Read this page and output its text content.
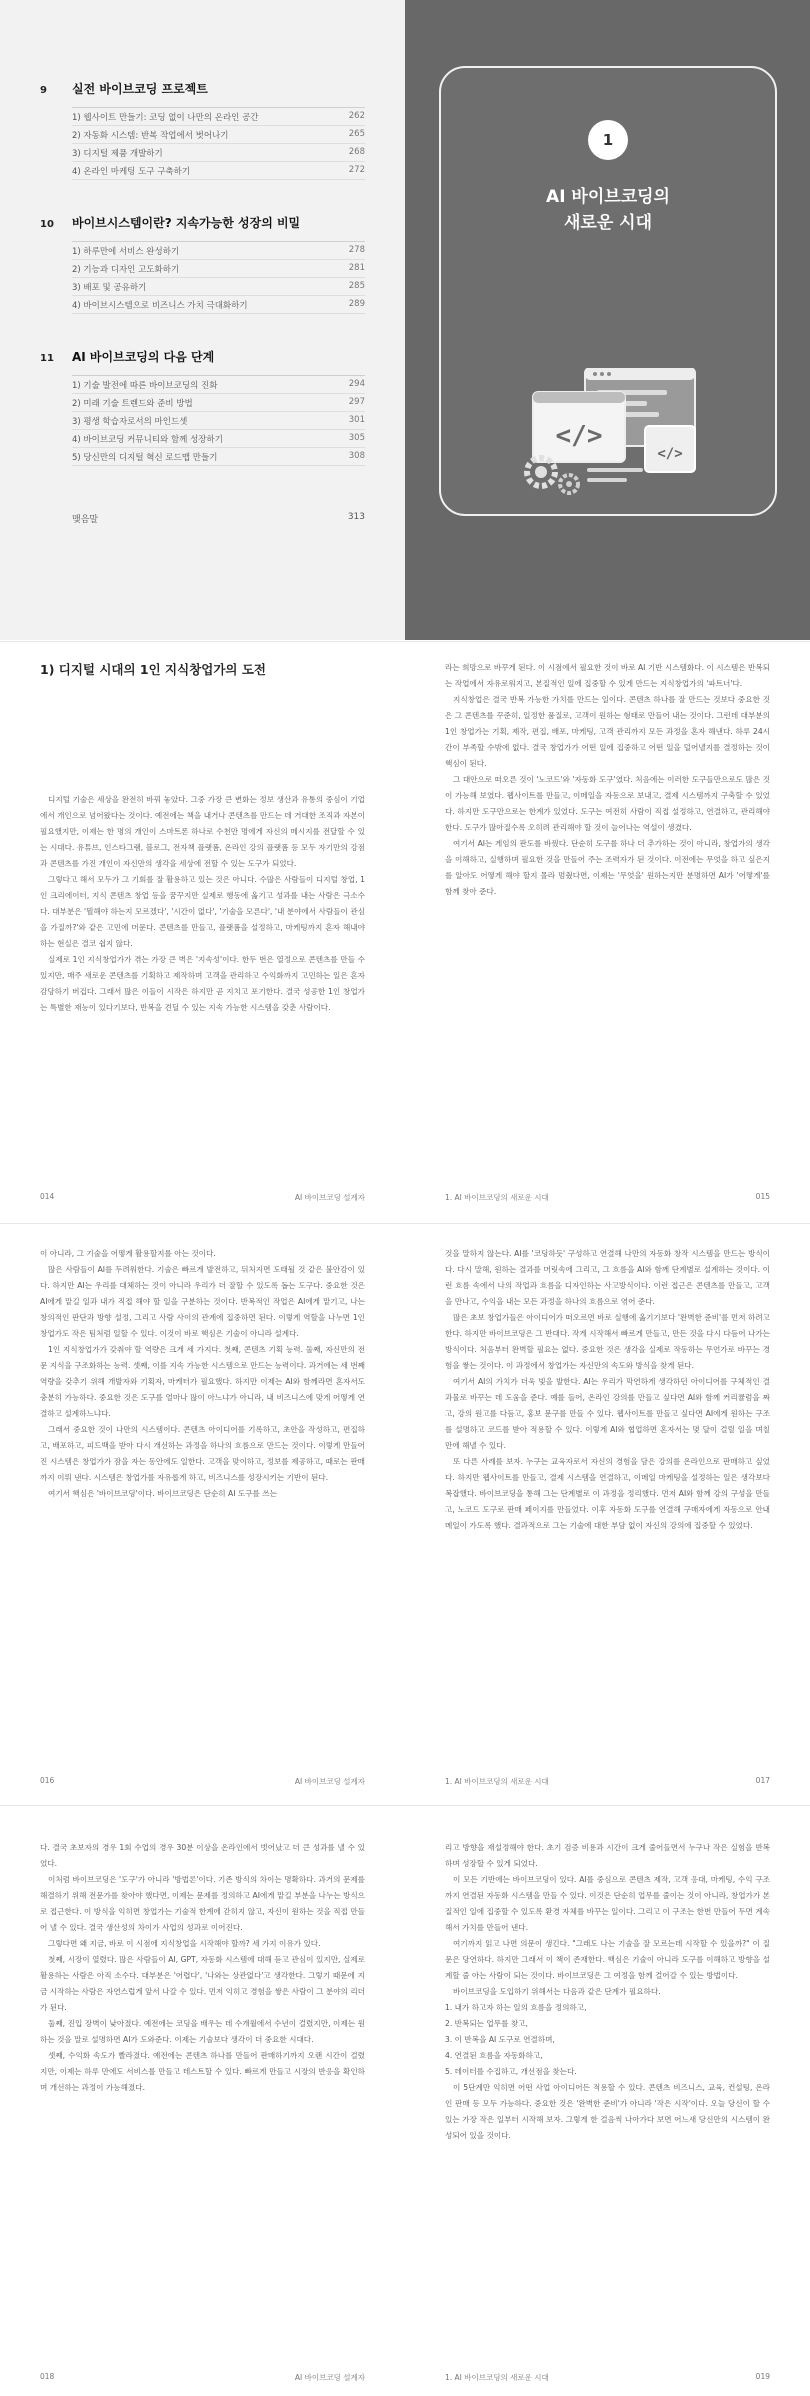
9	실전 바이브코딩 프로젝트
1) 웹사이트 만들기: 코딩 없이 나만의 온라인 공간	262
2) 자동화 시스템: 반복 작업에서 벗어나기	265
3) 디지털 제품 개발하기	268
4) 온라인 마케팅 도구 구축하기	272
10 바이브시스템이란? 지속가능한 성장의 비밀
1) 하루만에 서비스 완성하기	278
2) 기능과 디자인 고도화하기	281
3) 배포 및 공유하기	285
4) 바이브시스템으로 비즈니스 가치 극대화하기	289
11 AI 바이브코딩의 다음 단계
1) 기술 발전에 따른 바이브코딩의 진화	294
2) 미래 기술 트렌드와 준비 방법	297
3) 평생 학습자로서의 마인드셋	301
4) 바이브코딩 커뮤니티와 함께 성장하기	305
5) 당신만의 디지털 혁신 로드맵 만들기	308
맺음말	313
1
AI 바이브코딩의
새로운 시대
</>
</>
1) 디지털 시대의 1인 지식창업가의 도전

디지털 기술은 세상을 완전히 바꿔 놓았다. 그중 가장 큰 변화는 정보 생산과 유통의 중심이 기업에서 개인으로 넘어왔다는 것이다. 예전에는 책을 내거나 콘텐츠를 만드는 데 거대한 조직과 자본이 필요했지만, 이제는 한 명의 개인이 스마트폰 하나로 수천만 명에게 자신의 메시지를 전달할 수 있는 시대다. 유튜브, 인스타그램, 블로그, 전자책 플랫폼, 온라인 강의 플랫폼 등 모두 자기만의 강점과 콘텐츠를 가진 개인이 자신만의 생각을 세상에 전할 수 있는 도구가 되었다.

그렇다고 해서 모두가 그 기회를 잘 활용하고 있는 것은 아니다. 수많은 사람들이 디지털 창업, 1인 크리에이터, 지식 콘텐츠 창업 등을 꿈꾸지만 실제로 행동에 옮기고 성과를 내는 사람은 극소수다. 대부분은 '뭘해야 하는지 모르겠다', '시간이 없다', '기술을 모른다', '내 분야에서 사람들이 관심을 가질까?'와 같은 고민에 머문다. 콘텐츠를 만들고, 플랫폼을 설정하고, 마케팅까지 혼자 해내야 하는 현실은 결코 쉽지 않다.

실제로 1인 지식창업가가 겪는 가장 큰 벽은 '지속성'이다. 한두 번은 열정으로 콘텐츠를 만들 수 있지만, 매주 새로운 콘텐츠를 기획하고 제작하며 고객을 관리하고 수익화까지 고민하는 일은 혼자 감당하기 버겁다. 그래서 많은 이들이 시작은 하지만 곧 지치고 포기한다. 결국 성공한 1인 창업가는 특별한 재능이 있다기보다, 반복을 견딜 수 있는 지속 가능한 시스템을 갖춘 사람이다.

014	AI 바이브코딩 설계자

라는 희망으로 바꾸게 된다. 이 시점에서 필요한 것이 바로 AI 기반 시스템화다. 이 시스템은 반복되는 작업에서 자유로워지고, 본질적인 일에 집중할 수 있게 만드는 지식창업가의 '파트너'다.

지식창업은 결국 반복 가능한 가치를 만드는 일이다. 콘텐츠 하나를 잘 만드는 것보다 중요한 것은 그 콘텐츠를 꾸준히, 일정한 품질로, 고객이 원하는 형태로 만들어 내는 것이다. 그런데 대부분의 1인 창업가는 기획, 제작, 편집, 배포, 마케팅, 고객 관리까지 모든 과정을 혼자 해낸다. 하루 24시간이 부족할 수밖에 없다. 결국 창업가가 어떤 일에 집중하고 어떤 일을 덜어낼지를 결정하는 것이 핵심이 된다.

그 대안으로 떠오른 것이 '노코드'와 '자동화 도구'였다. 처음에는 이러한 도구들만으로도 많은 것이 가능해 보였다. 웹사이트를 만들고, 이메일을 자동으로 보내고, 결제 시스템까지 구축할 수 있었다. 하지만 도구만으로는 한계가 있었다. 도구는 여전히 사람이 직접 설정하고, 연결하고, 관리해야 한다. 도구가 많아질수록 오히려 관리해야 할 것이 늘어나는 역설이 생겼다.

여기서 AI는 게임의 판도를 바꿨다. 단순히 도구를 하나 더 추가하는 것이 아니라, 창업가의 생각을 이해하고, 실행하며 필요한 것을 만들어 주는 조력자가 된 것이다. 이전에는 무엇을 하고 싶은지를 알아도 어떻게 해야 할지 몰라 멈췄다면, 이제는 '무엇을' 원하는지만 분명하면 AI가 '어떻게'를 함께 찾아 준다.

1. AI 바이브코딩의 새로운 시대	015

이 아니라, 그 기술을 어떻게 활용할지를 아는 것이다.

많은 사람들이 AI를 두려워한다. 기술은 빠르게 발전하고, 뒤처지면 도태될 것 같은 불안감이 있다. 하지만 AI는 우리를 대체하는 것이 아니라 우리가 더 잘할 수 있도록 돕는 도구다. 중요한 것은 AI에게 맡길 일과 내가 직접 해야 할 일을 구분하는 것이다. 반복적인 작업은 AI에게 맡기고, 나는 창의적인 판단과 방향 설정, 그리고 사람 사이의 관계에 집중하면 된다. 이렇게 역할을 나누면 1인 창업가도 작은 팀처럼 일할 수 있다. 이것이 바로 핵심은 기술이 아니라 설계다.

1인 지식창업가가 갖춰야 할 역량은 크게 세 가지다. 첫째, 콘텐츠 기획 능력. 둘째, 자신만의 전문 지식을 구조화하는 능력. 셋째, 이를 지속 가능한 시스템으로 만드는 능력이다. 과거에는 세 번째 역량을 갖추기 위해 개발자와 기획자, 마케터가 필요했다. 하지만 이제는 AI와 함께라면 혼자서도 충분히 가능하다. 중요한 것은 도구를 얼마나 많이 아느냐가 아니라, 내 비즈니스에 맞게 어떻게 연결하고 설계하느냐다.

그래서 중요한 것이 나만의 시스템이다. 콘텐츠 아이디어를 기록하고, 초안을 작성하고, 편집하고, 배포하고, 피드백을 받아 다시 개선하는 과정을 하나의 흐름으로 만드는 것이다. 이렇게 만들어진 시스템은 창업가가 잠을 자는 동안에도 일한다. 고객을 맞이하고, 정보를 제공하고, 때로는 판매까지 이뤄 낸다. 시스템은 창업가를 자유롭게 하고, 비즈니스를 성장시키는 기반이 된다.

여기서 핵심은 '바이브코딩'이다. 바이브코딩은 단순히 AI 도구를 쓰는

016	AI 바이브코딩 설계자

것을 말하지 않는다. AI를 '코딩하듯' 구성하고 연결해 나만의 자동화 창작 시스템을 만드는 방식이다. 다시 말해, 원하는 결과를 머릿속에 그리고, 그 흐름을 AI와 함께 단계별로 설계하는 것이다. 이런 흐름 속에서 나의 작업과 흐름을 디자인하는 사고방식이다. 이런 접근은 콘텐츠를 만들고, 고객을 만나고, 수익을 내는 모든 과정을 하나의 흐름으로 엮어 준다.

많은 초보 창업가들은 아이디어가 떠오르면 바로 실행에 옮기기보다 '완벽한 준비'를 먼저 하려고 한다. 하지만 바이브코딩은 그 반대다. 작게 시작해서 빠르게 만들고, 만든 것을 다시 다듬어 나가는 방식이다. 처음부터 완벽할 필요는 없다. 중요한 것은 생각을 실제로 작동하는 무언가로 바꾸는 경험을 쌓는 것이다. 이 과정에서 창업가는 자신만의 속도와 방식을 찾게 된다.

여기서 AI의 가치가 더욱 빛을 발한다. AI는 우리가 막연하게 생각하던 아이디어를 구체적인 결과물로 바꾸는 데 도움을 준다. 예를 들어, 온라인 강의를 만들고 싶다면 AI와 함께 커리큘럼을 짜고, 강의 원고를 다듬고, 홍보 문구를 만들 수 있다. 웹사이트를 만들고 싶다면 AI에게 원하는 구조를 설명하고 코드를 받아 적용할 수 있다. 이렇게 AI와 협업하면 혼자서는 몇 달이 걸릴 일을 며칠 만에 해낼 수 있다.

또 다른 사례를 보자. 누구는 교육자로서 자신의 경험을 담은 강의를 온라인으로 판매하고 싶었다. 하지만 웹사이트를 만들고, 결제 시스템을 연결하고, 이메일 마케팅을 설정하는 일은 생각보다 복잡했다. 바이브코딩을 통해 그는 단계별로 이 과정을 정리했다. 먼저 AI와 함께 강의 구성을 만들고, 노코드 도구로 판매 페이지를 만들었다. 이후 자동화 도구를 연결해 구매자에게 자동으로 안내 메일이 가도록 했다. 결과적으로 그는 기술에 대한 부담 없이 자신의 강의에 집중할 수 있었다.

1. AI 바이브코딩의 새로운 시대	017

다. 결국 초보자의 경우 1회 수업의 경우 30분 이상을 온라인에서 벗어났고 더 큰 성과를 낼 수 있었다.

이처럼 바이브코딩은 '도구'가 아니라 '방법론'이다. 기존 방식의 차이는 명확하다. 과거의 문제를 해결하기 위해 전문가를 찾아야 했다면, 이제는 문제를 정의하고 AI에게 맡길 부분을 나누는 방식으로 접근한다. 이 방식을 익히면 창업가는 기술적 한계에 갇히지 않고, 자신이 원하는 것을 직접 만들어 낼 수 있다. 결국 생산성의 차이가 사업의 성과로 이어진다.

그렇다면 왜 지금, 바로 이 시점에 지식창업을 시작해야 할까? 세 가지 이유가 있다.

첫째, 시장이 열렸다. 많은 사람들이 AI, GPT, 자동화 시스템에 대해 듣고 관심이 있지만, 실제로 활용하는 사람은 아직 소수다. 대부분은 '어렵다', '나와는 상관없다'고 생각한다. 그렇기 때문에 지금 시작하는 사람은 자연스럽게 앞서 나갈 수 있다. 먼저 익히고 경험을 쌓은 사람이 그 분야의 리더가 된다.

둘째, 진입 장벽이 낮아졌다. 예전에는 코딩을 배우는 데 수개월에서 수년이 걸렸지만, 이제는 원하는 것을 말로 설명하면 AI가 도와준다. 이제는 기술보다 생각이 더 중요한 시대다.

셋째, 수익화 속도가 빨라졌다. 예전에는 콘텐츠 하나를 만들어 판매하기까지 오랜 시간이 걸렸지만, 이제는 하루 만에도 서비스를 만들고 테스트할 수 있다. 빠르게 만들고 시장의 반응을 확인하며 개선하는 과정이 가능해졌다.

018	AI 바이브코딩 설계자

리고 방향을 재설정해야 한다. 초기 검증 비용과 시간이 크게 줄어들면서 누구나 작은 실험을 반복하며 성장할 수 있게 되었다.

이 모든 기반에는 바이브코딩이 있다. AI를 중심으로 콘텐츠 제작, 고객 응대, 마케팅, 수익 구조까지 연결된 자동화 시스템을 만들 수 있다. 이것은 단순히 업무를 줄이는 것이 아니라, 창업가가 본질적인 일에 집중할 수 있도록 환경 자체를 바꾸는 일이다. 그리고 이 구조는 한번 만들어 두면 계속해서 가치를 만들어 낸다.

여기까지 읽고 나면 의문이 생긴다. "그래도 나는 기술을 잘 모르는데 시작할 수 있을까?" 이 질문은 당연하다. 하지만 그래서 이 책이 존재한다. 핵심은 기술이 아니라 도구를 이해하고 방향을 설계할 줄 아는 사람이 되는 것이다. 바이브코딩은 그 여정을 함께 걸어갈 수 있는 방법이다.

바이브코딩을 도입하기 위해서는 다음과 같은 단계가 필요하다.

1. 내가 하고자 하는 일의 흐름을 정의하고,

2. 반복되는 업무를 찾고,

3. 이 반복을 AI 도구로 연결하며,

4. 연결된 흐름을 자동화하고,

5. 데이터를 수집하고, 개선점을 찾는다.

이 5단계만 익히면 어떤 사업 아이디어든 적용할 수 있다. 콘텐츠 비즈니스, 교육, 컨설팅, 온라인 판매 등 모두 가능하다. 중요한 것은 '완벽한 준비'가 아니라 '작은 시작'이다. 오늘 당신이 할 수 있는 가장 작은 일부터 시작해 보자. 그렇게 한 걸음씩 나아가다 보면 어느새 당신만의 시스템이 완성되어 있을 것이다.

1. AI 바이브코딩의 새로운 시대	019
